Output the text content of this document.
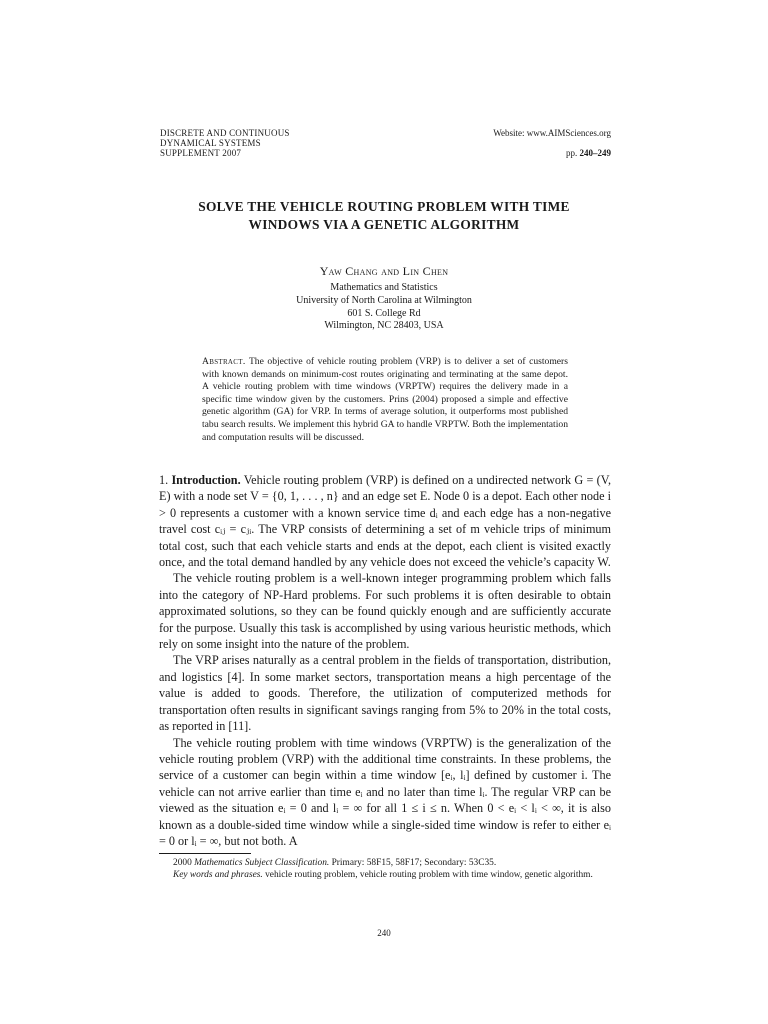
DISCRETE AND CONTINUOUS
DYNAMICAL SYSTEMS
SUPPLEMENT 2007
Website: www.AIMSciences.org
pp. 240–249
SOLVE THE VEHICLE ROUTING PROBLEM WITH TIME
WINDOWS VIA A GENETIC ALGORITHM
Yaw Chang and Lin Chen
Mathematics and Statistics
University of North Carolina at Wilmington
601 S. College Rd
Wilmington, NC 28403, USA
Abstract. The objective of vehicle routing problem (VRP) is to deliver a set of customers with known demands on minimum-cost routes originating and terminating at the same depot. A vehicle routing problem with time windows (VRPTW) requires the delivery made in a specific time window given by the customers. Prins (2004) proposed a simple and effective genetic algorithm (GA) for VRP. In terms of average solution, it outperforms most published tabu search results. We implement this hybrid GA to handle VRPTW. Both the implementation and computation results will be discussed.

1. Introduction. Vehicle routing problem (VRP) is defined on a undirected network G = (V, E) with a node set V = {0, 1, . . . , n} and an edge set E. Node 0 is a depot. Each other node i > 0 represents a customer with a known service time dᵢ and each edge has a non-negative travel cost cᵢⱼ = cⱼᵢ. The VRP consists of determining a set of m vehicle trips of minimum total cost, such that each vehicle starts and ends at the depot, each client is visited exactly once, and the total demand handled by any vehicle does not exceed the vehicle’s capacity W.

The vehicle routing problem is a well-known integer programming problem which falls into the category of NP-Hard problems. For such problems it is often desirable to obtain approximated solutions, so they can be found quickly enough and are sufficiently accurate for the purpose. Usually this task is accomplished by using various heuristic methods, which rely on some insight into the nature of the problem.

The VRP arises naturally as a central problem in the fields of transportation, distribution, and logistics [4]. In some market sectors, transportation means a high percentage of the value is added to goods. Therefore, the utilization of computerized methods for transportation often results in significant savings ranging from 5% to 20% in the total costs, as reported in [11].

The vehicle routing problem with time windows (VRPTW) is the generalization of the vehicle routing problem (VRP) with the additional time constraints. In these problems, the service of a customer can begin within a time window [eᵢ, lᵢ] defined by customer i. The vehicle can not arrive earlier than time eᵢ and no later than time lᵢ. The regular VRP can be viewed as the situation eᵢ = 0 and lᵢ = ∞ for all 1 ≤ i ≤ n. When 0 < eᵢ < lᵢ < ∞, it is also known as a double-sided time window while a single-sided time window is refer to either eᵢ = 0 or lᵢ = ∞, but not both. A

2000 Mathematics Subject Classification. Primary: 58F15, 58F17; Secondary: 53C35.

Key words and phrases. vehicle routing problem, vehicle routing problem with time window, genetic algorithm.

240
